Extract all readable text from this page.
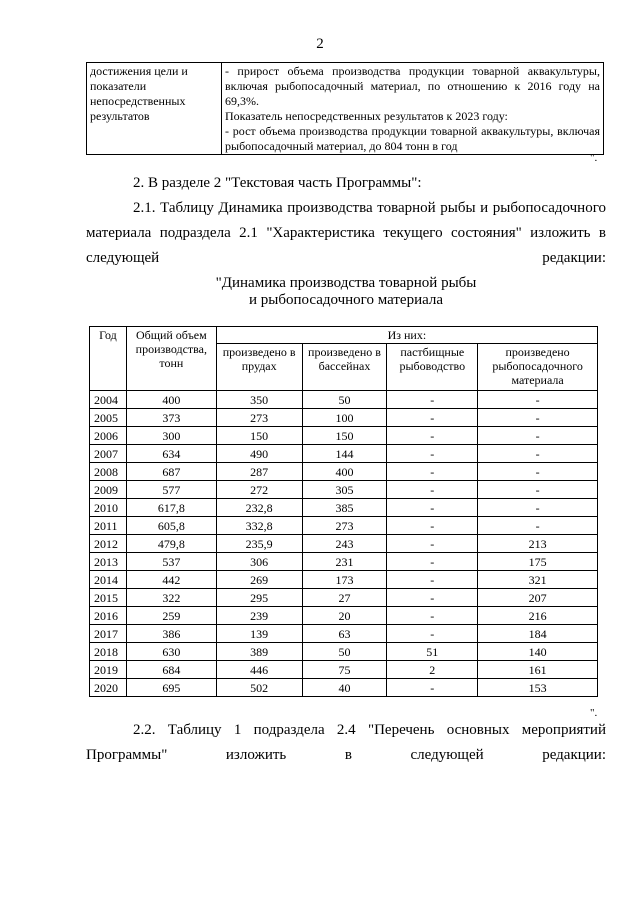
2
достижения цели и
показатели
непосредственных
результатов

- прирост объема производства продукции товарной аквакультуры, включая рыбопосадочный материал, по отношению к 2016 году на 69,3%.

Показатель непосредственных результатов к 2023 году:

- рост объема производства продукции товарной аквакультуры, включая рыбопосадочный материал, до 804 тонн в год

".
2. В разделе 2 "Текстовая часть Программы":
2.1. Таблицу Динамика производства товарной рыбы и рыбопосадочного материала подраздела 2.1 "Характеристика текущего состояния" изложить в следующей редакции:
"Динамика производства товарной рыбы
и рыбопосадочного материала
Год	Общий объем производства, тонн	Из них:			
		произведено в прудах	произведено в бассейнах	пастбищные рыбоводство	произведено рыбопосадочного материала
2004	400	350	50	-	-
2005	373	273	100	-	-
2006	300	150	150	-	-
2007	634	490	144	-	-
2008	687	287	400	-	-
2009	577	272	305	-	-
2010	617,8	232,8	385	-	-
2011	605,8	332,8	273	-	-
2012	479,8	235,9	243	-	213
2013	537	306	231	-	175
2014	442	269	173	-	321
2015	322	295	27	-	207
2016	259	239	20	-	216
2017	386	139	63	-	184
2018	630	389	50	51	140
2019	684	446	75	2	161
2020	695	502	40	-	153
".
2.2. Таблицу 1 подраздела 2.4 "Перечень основных мероприятий Программы" изложить в следующей редакции:
